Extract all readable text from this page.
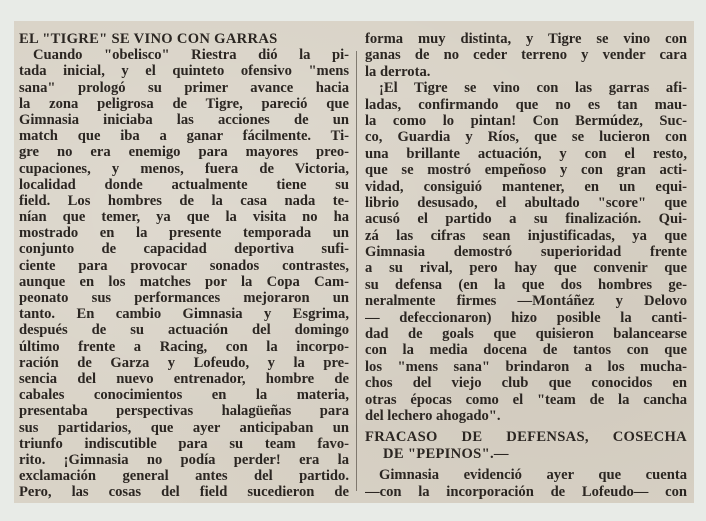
EL "TIGRE" SE VINO CON GARRAS
Cuando "obelisco" Riestra dió la pi-
tada inicial, y el quinteto ofensivo "mens
sana" prologó su primer avance hacia
la zona peligrosa de Tigre, pareció que
Gimnasia iniciaba las acciones de un
match que iba a ganar fácilmente. Ti-
gre no era enemigo para mayores preo-
cupaciones, y menos, fuera de Victoria,
localidad donde actualmente tiene su
field. Los hombres de la casa nada te-
nían que temer, ya que la visita no ha
mostrado en la presente temporada un
conjunto de capacidad deportiva sufi-
ciente para provocar sonados contrastes,
aunque en los matches por la Copa Cam-
peonato sus performances mejoraron un
tanto. En cambio Gimnasia y Esgrima,
después de su actuación del domingo
último frente a Racing, con la incorpo-
ración de Garza y Lofeudo, y la pre-
sencia del nuevo entrenador, hombre de
cabales conocimientos en la materia,
presentaba perspectivas halagüeñas para
sus partidarios, que ayer anticipaban un
triunfo indiscutible para su team favo-
rito. ¡Gimnasia no podía perder! era la
exclamación general antes del partido.
Pero, las cosas del field sucedieron de
forma muy distinta, y Tigre se vino con
ganas de no ceder terreno y vender cara
la derrota.
¡El Tigre se vino con las garras afi-
ladas, confirmando que no es tan mau-
la como lo pintan! Con Bermúdez, Suc-
co, Guardia y Ríos, que se lucieron con
una brillante actuación, y con el resto,
que se mostró empeñoso y con gran acti-
vidad, consiguió mantener, en un equi-
librio desusado, el abultado "score" que
acusó el partido a su finalización. Qui-
zá las cifras sean injustificadas, ya que
Gimnasia demostró superioridad frente
a su rival, pero hay que convenir que
su defensa (en la que dos hombres ge-
neralmente firmes —Montáñez y Delovo
— defeccionaron) hizo posible la canti-
dad de goals que quisieron balancearse
con la media docena de tantos con que
los "mens sana" brindaron a los mucha-
chos del viejo club que conocidos en
otras épocas como el "team de la cancha
del lechero ahogado".
FRACASO DE DEFENSAS, COSECHA
DE "PEPINOS".—
Gimnasia evidenció ayer que cuenta
—con la incorporación de Lofeudo— con
